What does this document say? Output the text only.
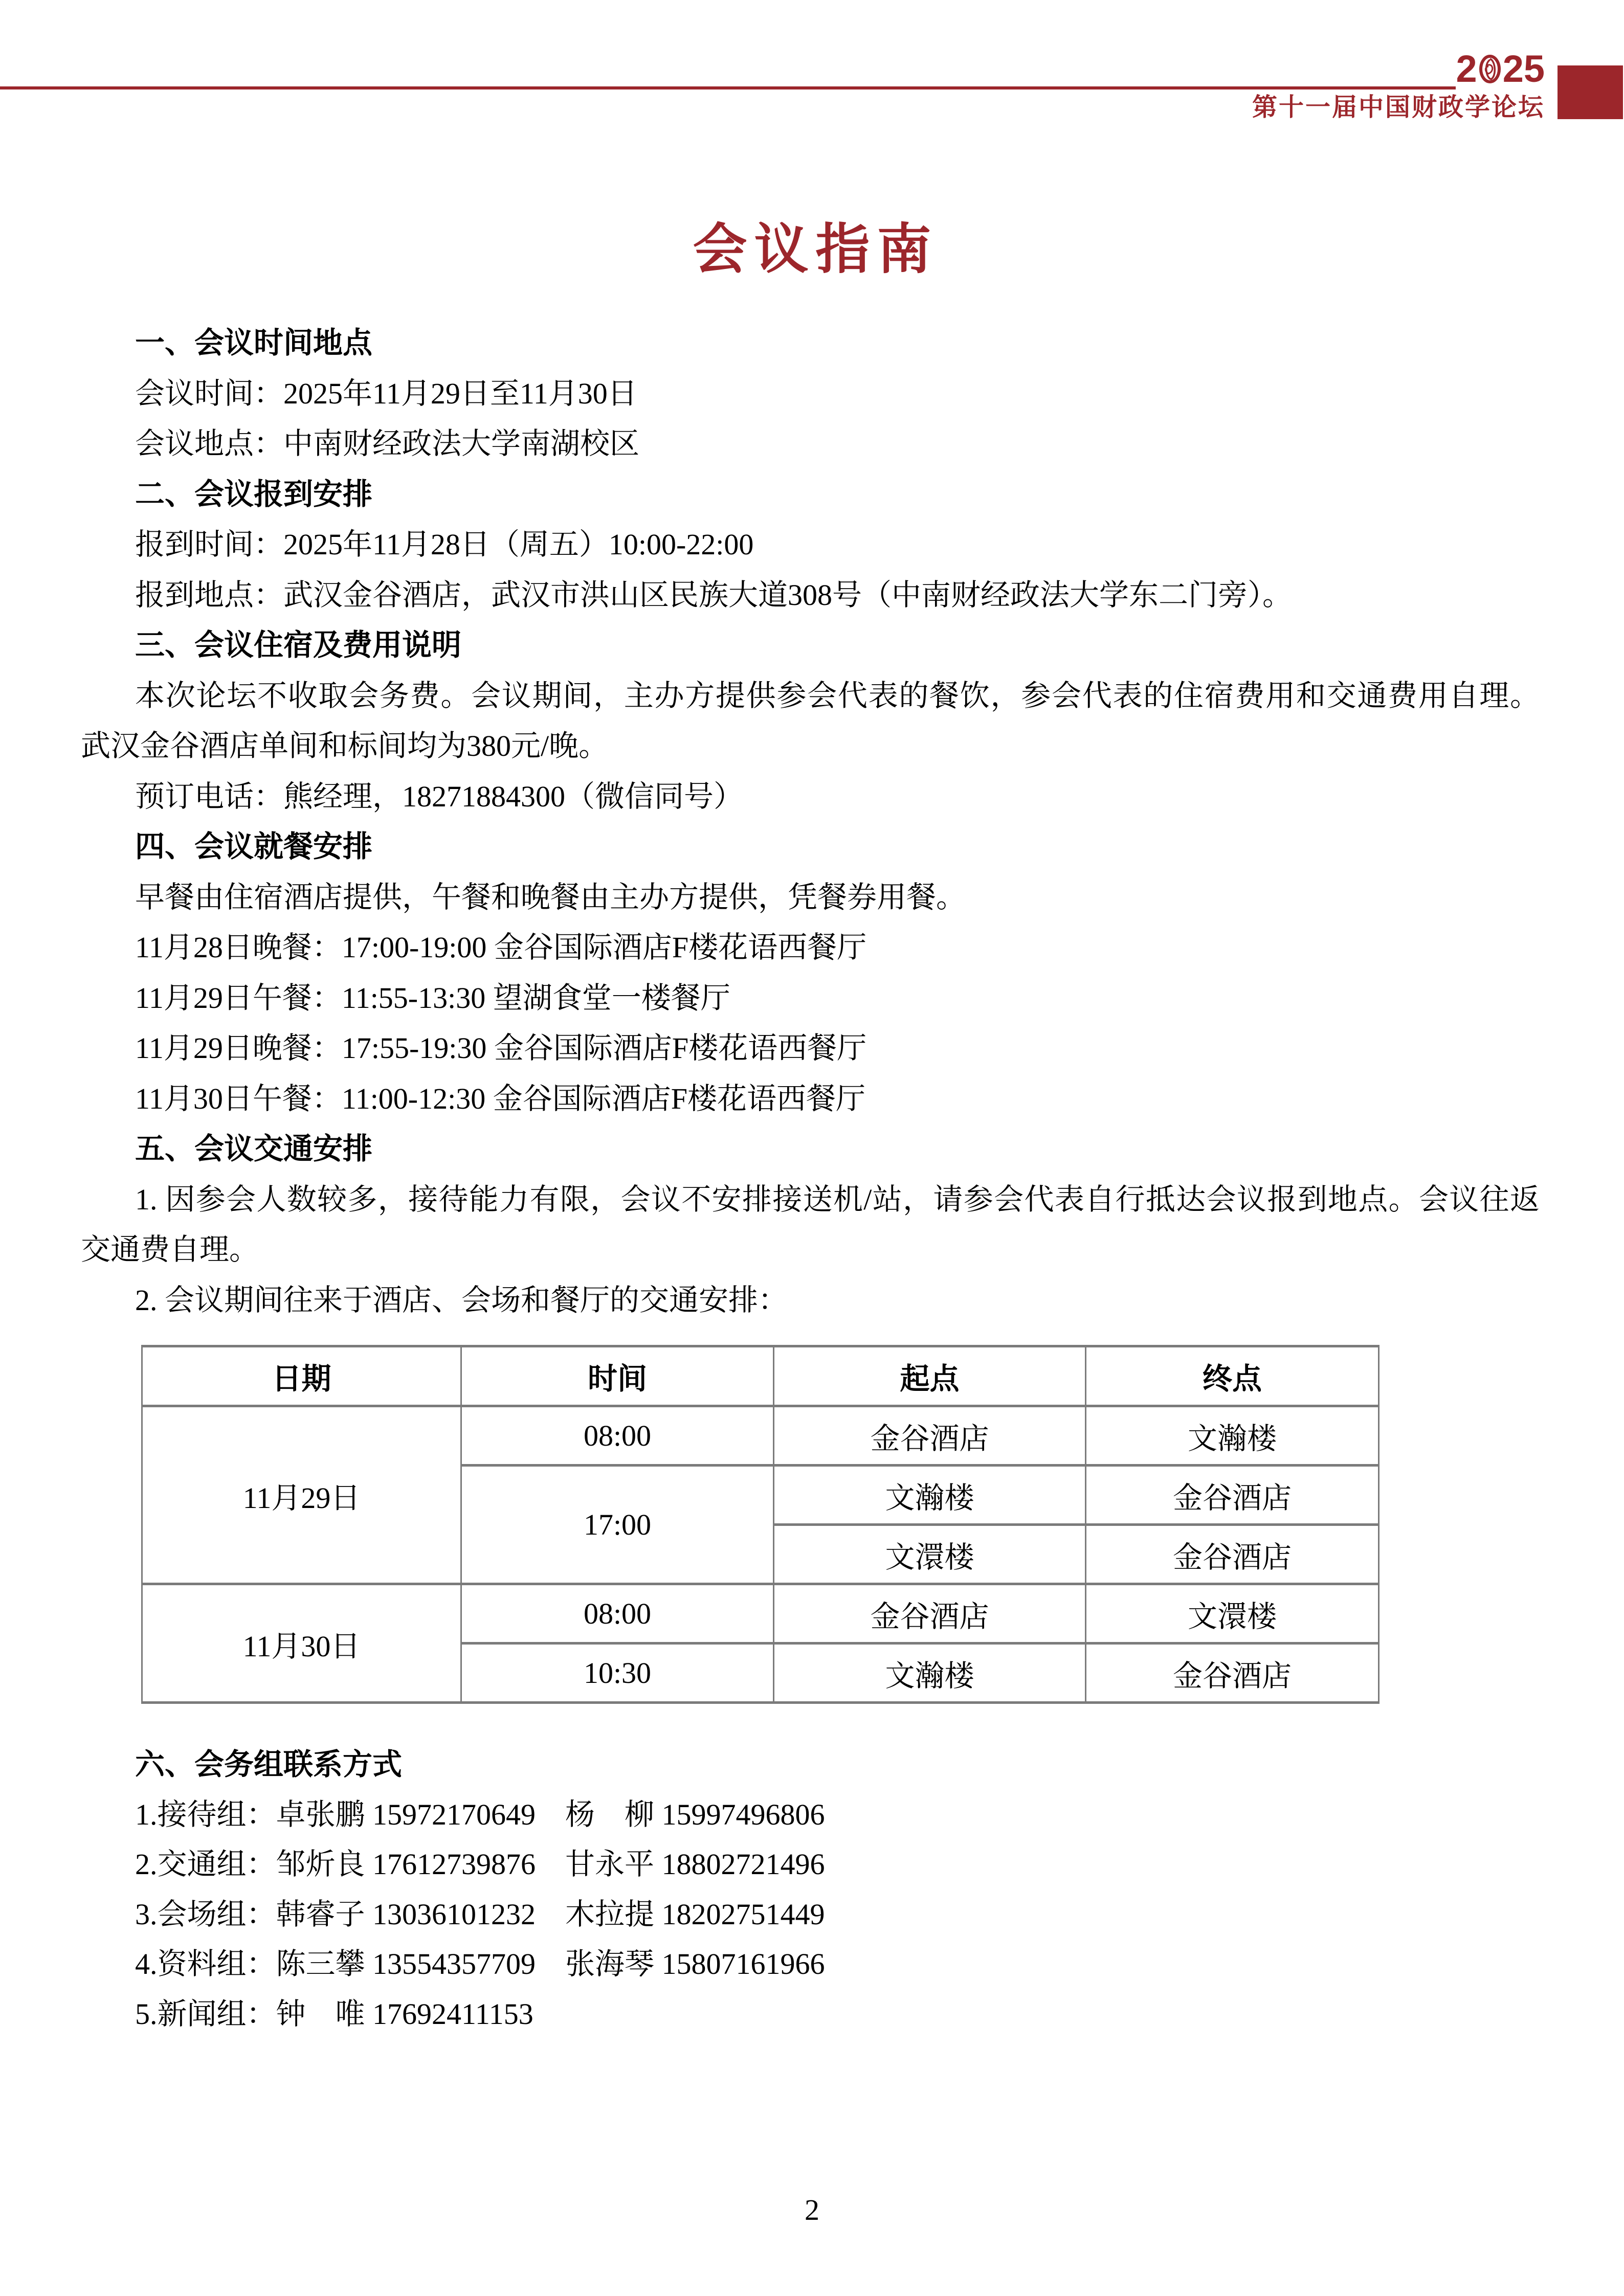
2 25
第十一届中国财政学论坛
会议指南
一、会议时间地点
会议时间：2025年11月29日至11月30日
会议地点：中南财经政法大学南湖校区
二、会议报到安排
报到时间：2025年11月28日（周五）10:00-22:00
报到地点：武汉金谷酒店，武汉市洪山区民族大道308号（中南财经政法大学东二门旁）。
三、会议住宿及费用说明
本次论坛不收取会务费。会议期间，主办方提供参会代表的餐饮，参会代表的住宿费用和交通费用自理。
武汉金谷酒店单间和标间均为380元/晚。
预订电话：熊经理，18271884300（微信同号）
四、会议就餐安排
早餐由住宿酒店提供，午餐和晚餐由主办方提供，凭餐券用餐。
11月28日晚餐：17:00-19:00 金谷国际酒店F楼花语西餐厅
11月29日午餐：11:55-13:30 望湖食堂一楼餐厅
11月29日晚餐：17:55-19:30 金谷国际酒店F楼花语西餐厅
11月30日午餐：11:00-12:30 金谷国际酒店F楼花语西餐厅
五、会议交通安排
1. 因参会人数较多，接待能力有限，会议不安排接送机/站，请参会代表自行抵达会议报到地点。会议往返
交通费自理。
2. 会议期间往来于酒店、会场和餐厅的交通安排：
日期	时间	起点	终点
11月29日	08:00	金谷酒店	文瀚楼
	17:00	文瀚楼	金谷酒店
		文澴楼	金谷酒店
11月30日	08:00	金谷酒店	文澴楼
	10:30	文瀚楼	金谷酒店
六、会务组联系方式
1.接待组：卓张鹏 15972170649　杨　柳 15997496806
2.交通组：邹炘良 17612739876　甘永平 18802721496
3.会场组：韩睿子 13036101232　木拉提 18202751449
4.资料组：陈三攀 13554357709　张海琴 15807161966
5.新闻组：钟　唯 17692411153
2
